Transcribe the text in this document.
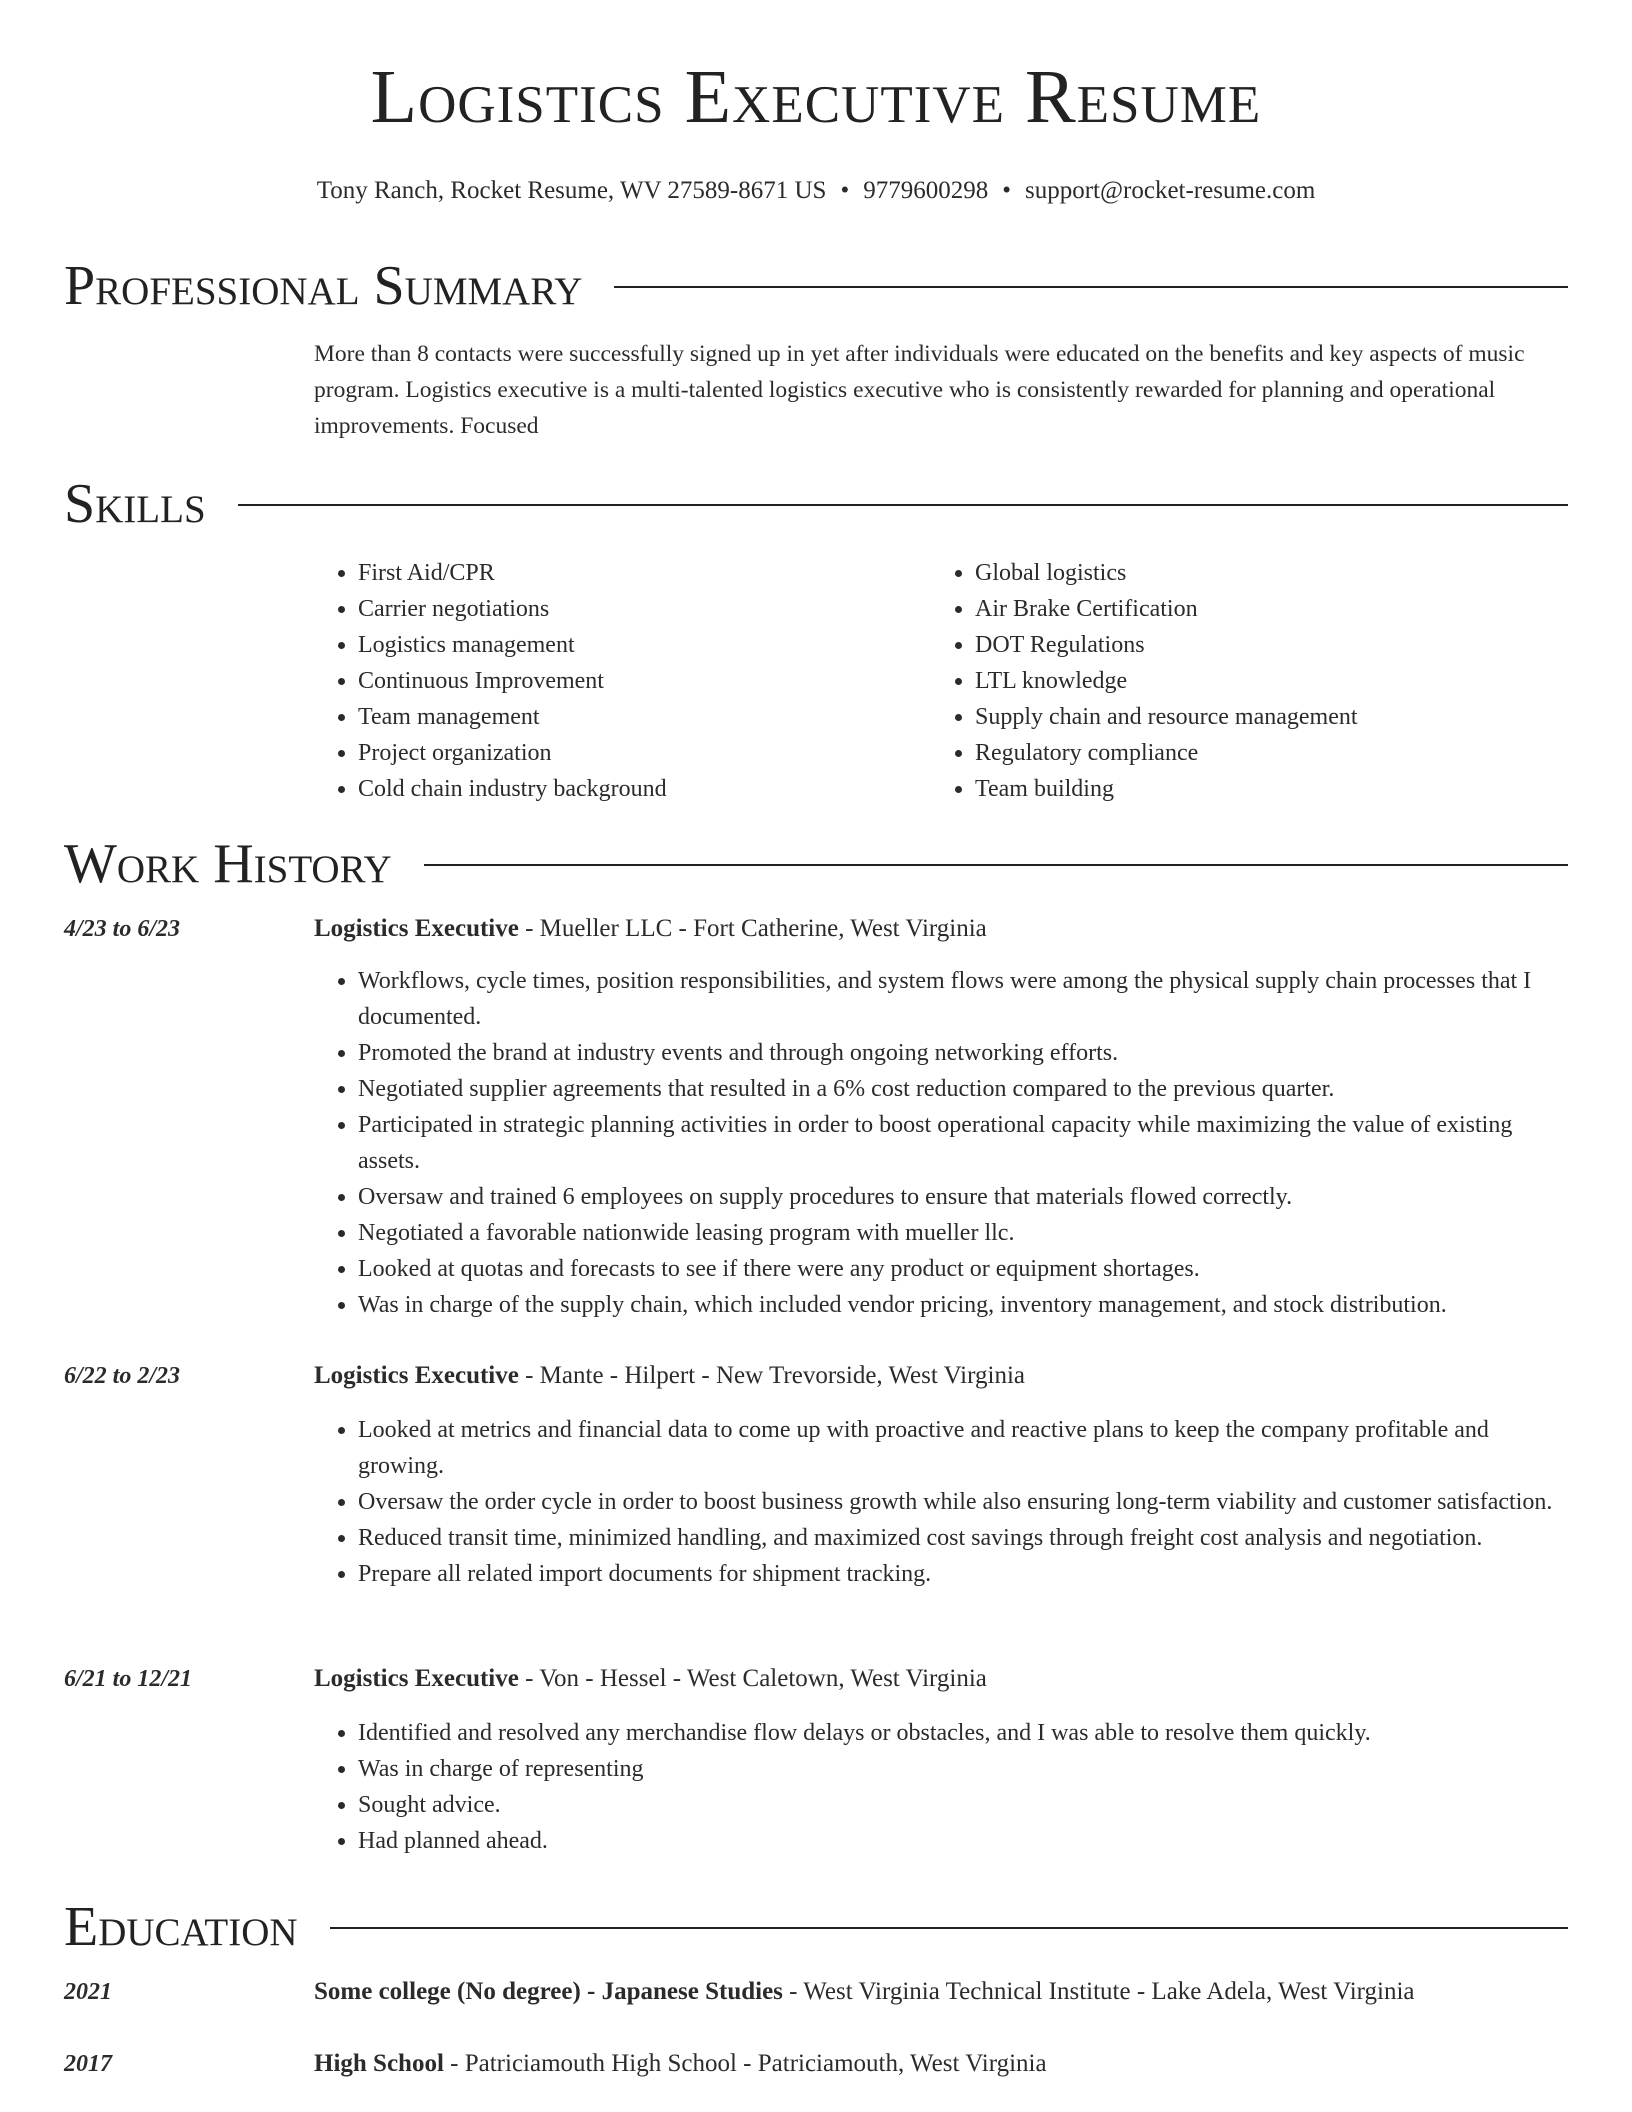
Logistics Executive Resume
Tony Ranch, Rocket Resume, WV 27589-8671 US • 9779600298 • support@rocket-resume.com
Professional Summary

More than 8 contacts were successfully signed up in yet after individuals were educated on the benefits and key aspects of music program. Logistics executive is a multi-talented logistics executive who is consistently rewarded for planning and operational improvements. Focused

Skills
• First Aid/CPR
• Carrier negotiations
• Logistics management
• Continuous Improvement
• Team management
• Project organization
• Cold chain industry background
• Global logistics
• Air Brake Certification
• DOT Regulations
• LTL knowledge
• Supply chain and resource management
• Regulatory compliance
• Team building
Work History
4/23 to 6/23	Logistics Executive - Mueller LLC - Fort Catherine, West Virginia
• Workflows, cycle times, position responsibilities, and system flows were among the physical supply chain processes that I documented.
• Promoted the brand at industry events and through ongoing networking efforts.
• Negotiated supplier agreements that resulted in a 6% cost reduction compared to the previous quarter.
• Participated in strategic planning activities in order to boost operational capacity while maximizing the value of existing assets.
• Oversaw and trained 6 employees on supply procedures to ensure that materials flowed correctly.
• Negotiated a favorable nationwide leasing program with mueller llc.
• Looked at quotas and forecasts to see if there were any product or equipment shortages.
• Was in charge of the supply chain, which included vendor pricing, inventory management, and stock distribution.
6/22 to 2/23	Logistics Executive - Mante - Hilpert - New Trevorside, West Virginia
• Looked at metrics and financial data to come up with proactive and reactive plans to keep the company profitable and growing.
• Oversaw the order cycle in order to boost business growth while also ensuring long-term viability and customer satisfaction.
• Reduced transit time, minimized handling, and maximized cost savings through freight cost analysis and negotiation.
• Prepare all related import documents for shipment tracking.
6/21 to 12/21	Logistics Executive - Von - Hessel - West Caletown, West Virginia
• Identified and resolved any merchandise flow delays or obstacles, and I was able to resolve them quickly.
• Was in charge of representing
• Sought advice.
• Had planned ahead.
Education
2021	Some college (No degree) - Japanese Studies - West Virginia Technical Institute - Lake Adela, West Virginia
2017	High School - Patriciamouth High School - Patriciamouth, West Virginia
